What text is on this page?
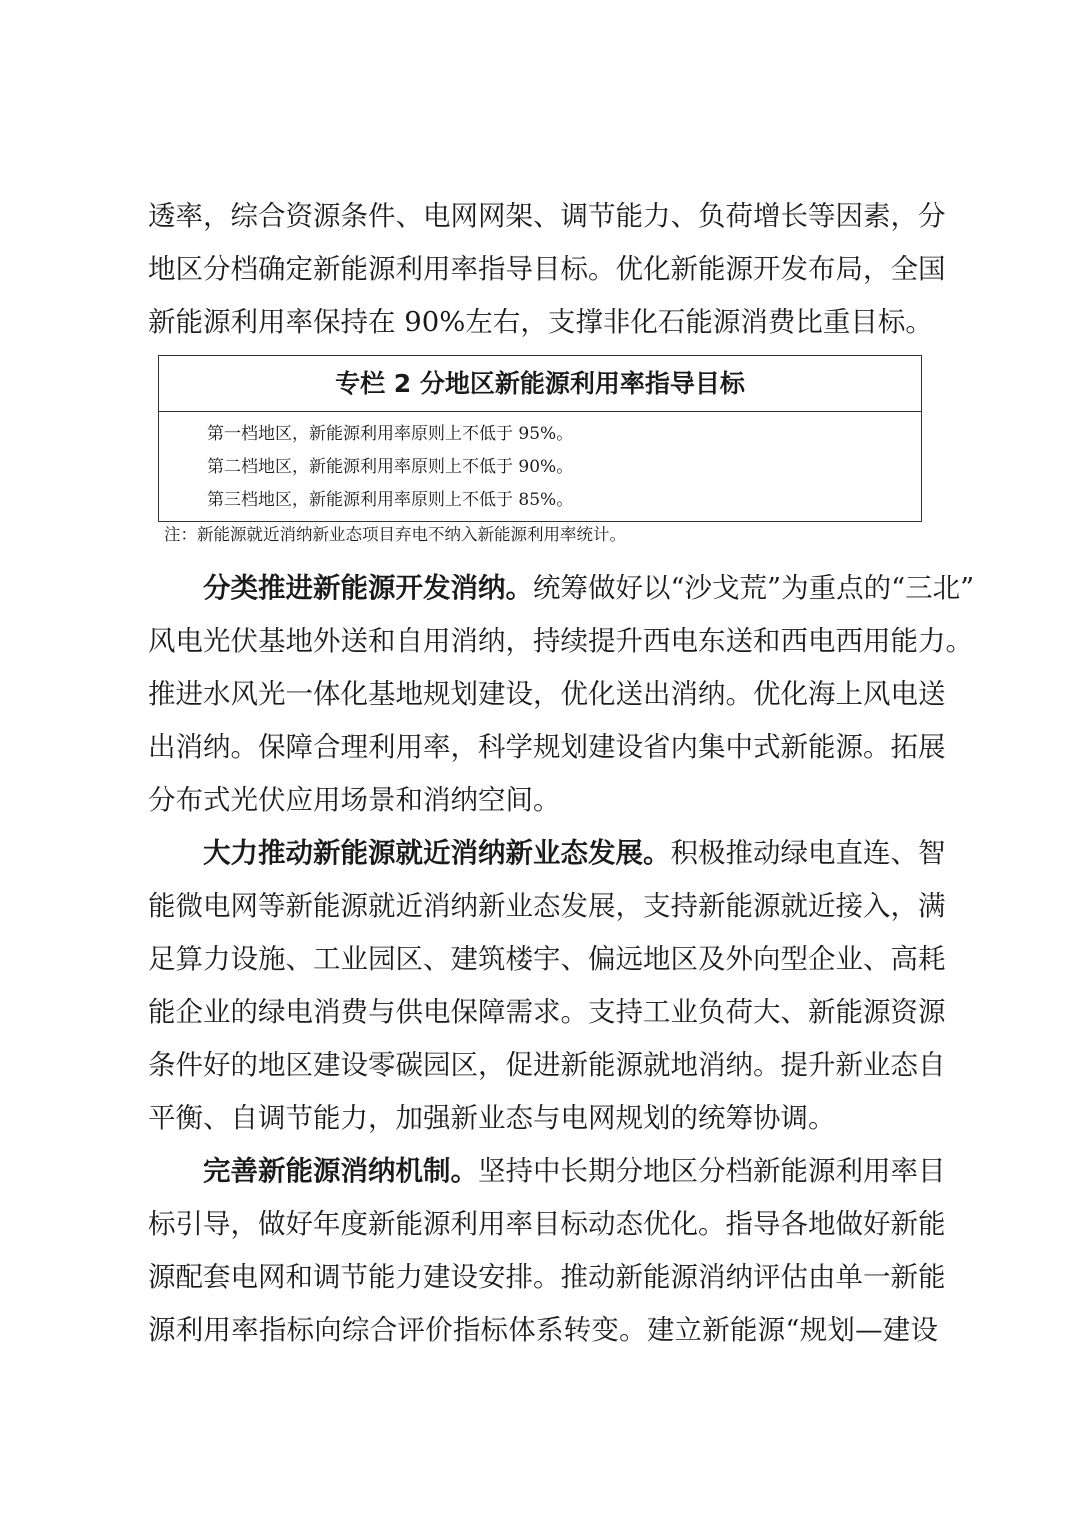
透率，综合资源条件、电网网架、调节能力、负荷增长等因素，分
地区分档确定新能源利用率指导目标。优化新能源开发布局，全国
新能源利用率保持在 90%左右，支撑非化石能源消费比重目标。
专栏 2 分地区新能源利用率指导目标
第一档地区，新能源利用率原则上不低于 95%。
第二档地区，新能源利用率原则上不低于 90%。
第三档地区，新能源利用率原则上不低于 85%。
注：新能源就近消纳新业态项目弃电不纳入新能源利用率统计。
分类推进新能源开发消纳。统筹做好以“沙戈荒”为重点的“三北”
风电光伏基地外送和自用消纳，持续提升西电东送和西电西用能力。
推进水风光一体化基地规划建设，优化送出消纳。优化海上风电送
出消纳。保障合理利用率，科学规划建设省内集中式新能源。拓展
分布式光伏应用场景和消纳空间。
大力推动新能源就近消纳新业态发展。积极推动绿电直连、智
能微电网等新能源就近消纳新业态发展，支持新能源就近接入，满
足算力设施、工业园区、建筑楼宇、偏远地区及外向型企业、高耗
能企业的绿电消费与供电保障需求。支持工业负荷大、新能源资源
条件好的地区建设零碳园区，促进新能源就地消纳。提升新业态自
平衡、自调节能力，加强新业态与电网规划的统筹协调。
完善新能源消纳机制。坚持中长期分地区分档新能源利用率目
标引导，做好年度新能源利用率目标动态优化。指导各地做好新能
源配套电网和调节能力建设安排。推动新能源消纳评估由单一新能
源利用率指标向综合评价指标体系转变。建立新能源“规划—建设
